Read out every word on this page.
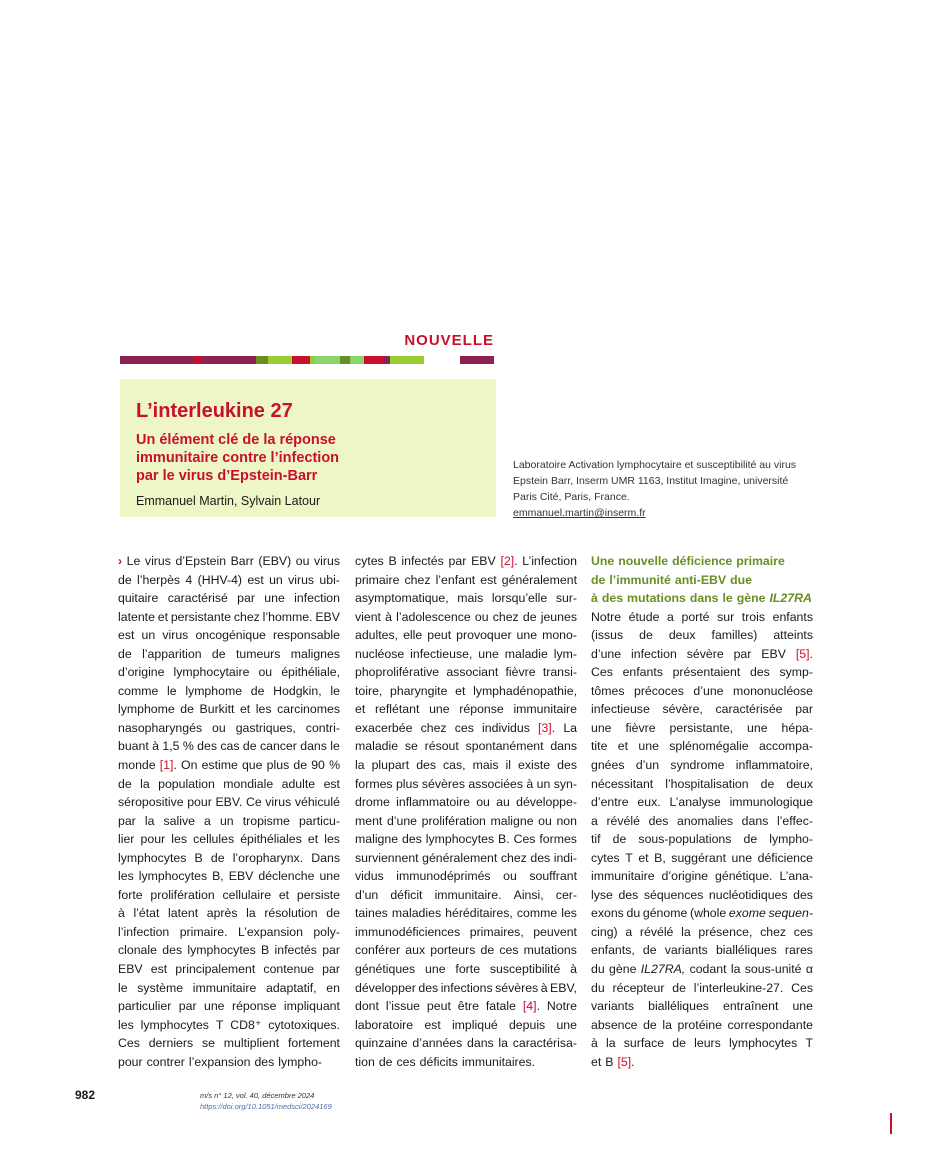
NOUVELLE
L’interleukine 27
Un élément clé de la réponse
immunitaire contre l’infection
par le virus d’Epstein-Barr
Emmanuel Martin, Sylvain Latour
Laboratoire Activation lymphocytaire et susceptibilité au virus
Epstein Barr, Inserm UMR 1163, Institut Imagine, université
Paris Cité, Paris, France.
emmanuel.martin@inserm.fr
› Le virus d’Epstein Barr (EBV) ou virus
de l’herpès 4 (HHV-4) est un virus ubi-
quitaire caractérisé par une infection
latente et persistante chez l’homme. EBV
est un virus oncogénique responsable
de l’apparition de tumeurs malignes
d’origine lymphocytaire ou épithéliale,
comme le lymphome de Hodgkin, le
lymphome de Burkitt et les carcinomes
nasopharyngés ou gastriques, contri-
buant à 1,5 % des cas de cancer dans le
monde [1]. On estime que plus de 90 %
de la population mondiale adulte est
séropositive pour EBV. Ce virus véhiculé
par la salive a un tropisme particu-
lier pour les cellules épithéliales et les
lymphocytes B de l’oropharynx. Dans
les lymphocytes B, EBV déclenche une
forte prolifération cellulaire et persiste
à l’état latent après la résolution de
l’infection primaire. L’expansion poly-
clonale des lymphocytes B infectés par
EBV est principalement contenue par
le système immunitaire adaptatif, en
particulier par une réponse impliquant
les lymphocytes T CD8⁺ cytotoxiques.
Ces derniers se multiplient fortement
pour contrer l’expansion des lympho-
cytes B infectés par EBV [2]. L’infection
primaire chez l’enfant est généralement
asymptomatique, mais lorsqu’elle sur-
vient à l’adolescence ou chez de jeunes
adultes, elle peut provoquer une mono-
nucléose infectieuse, une maladie lym-
phoproliférative associant fièvre transi-
toire, pharyngite et lymphadénopathie,
et reflétant une réponse immunitaire
exacerbée chez ces individus [3]. La
maladie se résout spontanément dans
la plupart des cas, mais il existe des
formes plus sévères associées à un syn-
drome inflammatoire ou au développe-
ment d’une prolifération maligne ou non
maligne des lymphocytes B. Ces formes
surviennent généralement chez des indi-
vidus immunodéprimés ou souffrant
d’un déficit immunitaire. Ainsi, cer-
taines maladies héréditaires, comme les
immunodéficiences primaires, peuvent
conférer aux porteurs de ces mutations
génétiques une forte susceptibilité à
développer des infections sévères à EBV,
dont l’issue peut être fatale [4]. Notre
laboratoire est impliqué depuis une
quinzaine d’années dans la caractérisa-
tion de ces déficits immunitaires.
Une nouvelle déficience primaire
de l’immunité anti-EBV due
à des mutations dans le gène IL27RA
Notre étude a porté sur trois enfants
(issus de deux familles) atteints
d’une infection sévère par EBV [5].
Ces enfants présentaient des symp-
tômes précoces d’une mononucléose
infectieuse sévère, caractérisée par
une fièvre persistante, une hépa-
tite et une splénomégalie accompa-
gnées d’un syndrome inflammatoire,
nécessitant l’hospitalisation de deux
d’entre eux. L’analyse immunologique
a révélé des anomalies dans l’effec-
tif de sous-populations de lympho-
cytes T et B, suggérant une déficience
immunitaire d’origine génétique. L’ana-
lyse des séquences nucléotidiques des
exons du génome (whole exome sequen-
cing) a révélé la présence, chez ces
enfants, de variants bialléliques rares
du gène IL27RA, codant la sous-unité α
du récepteur de l’interleukine-27. Ces
variants bialléliques entraînent une
absence de la protéine correspondante
à la surface de leurs lymphocytes T
et B [5].
982	m/s n° 12, vol. 40, décembre 2024
https://doi.org/10.1051/medsci/2024169
